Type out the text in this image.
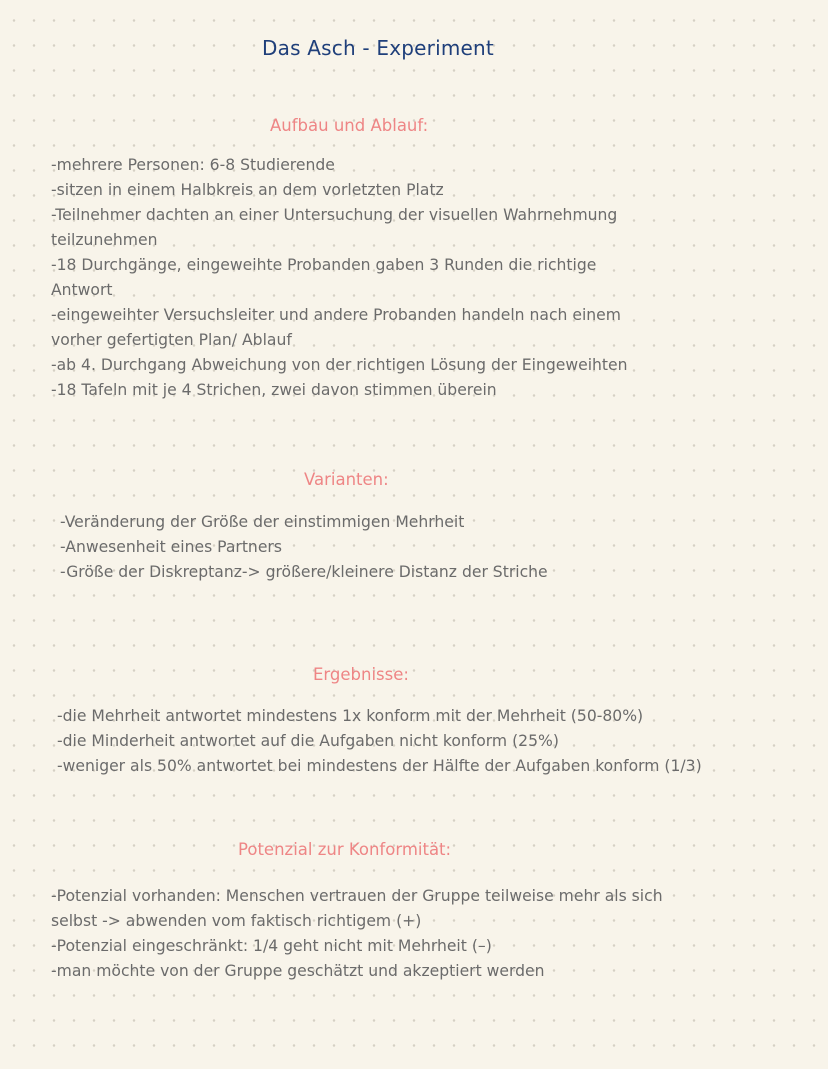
Das Asch - Experiment
Aufbau und Ablauf:
-mehrere Personen: 6-8 Studierende
-sitzen in einem Halbkreis an dem vorletzten Platz
-Teilnehmer dachten an einer Untersuchung der visuellen Wahrnehmung
teilzunehmen
-18 Durchgänge, eingeweihte Probanden gaben 3 Runden die richtige
Antwort
-eingeweihter Versuchsleiter und andere Probanden handeln nach einem
vorher gefertigten Plan/ Ablauf
-ab 4. Durchgang Abweichung von der richtigen Lösung der Eingeweihten
-18 Tafeln mit je 4 Strichen, zwei davon stimmen überein
Varianten:
-Veränderung der Größe der einstimmigen Mehrheit
-Anwesenheit eines Partners
-Größe der Diskreptanz-> größere/kleinere Distanz der Striche
Ergebnisse:
-die Mehrheit antwortet mindestens 1x konform mit der Mehrheit (50-80%)
-die Minderheit antwortet auf die Aufgaben nicht konform (25%)
-weniger als 50% antwortet bei mindestens der Hälfte der Aufgaben konform (1/3)
Potenzial zur Konformität:
-Potenzial vorhanden: Menschen vertrauen der Gruppe teilweise mehr als sich
selbst -> abwenden vom faktisch richtigem (+)
-Potenzial eingeschränkt: 1/4 geht nicht mit Mehrheit (–)
-man möchte von der Gruppe geschätzt und akzeptiert werden
